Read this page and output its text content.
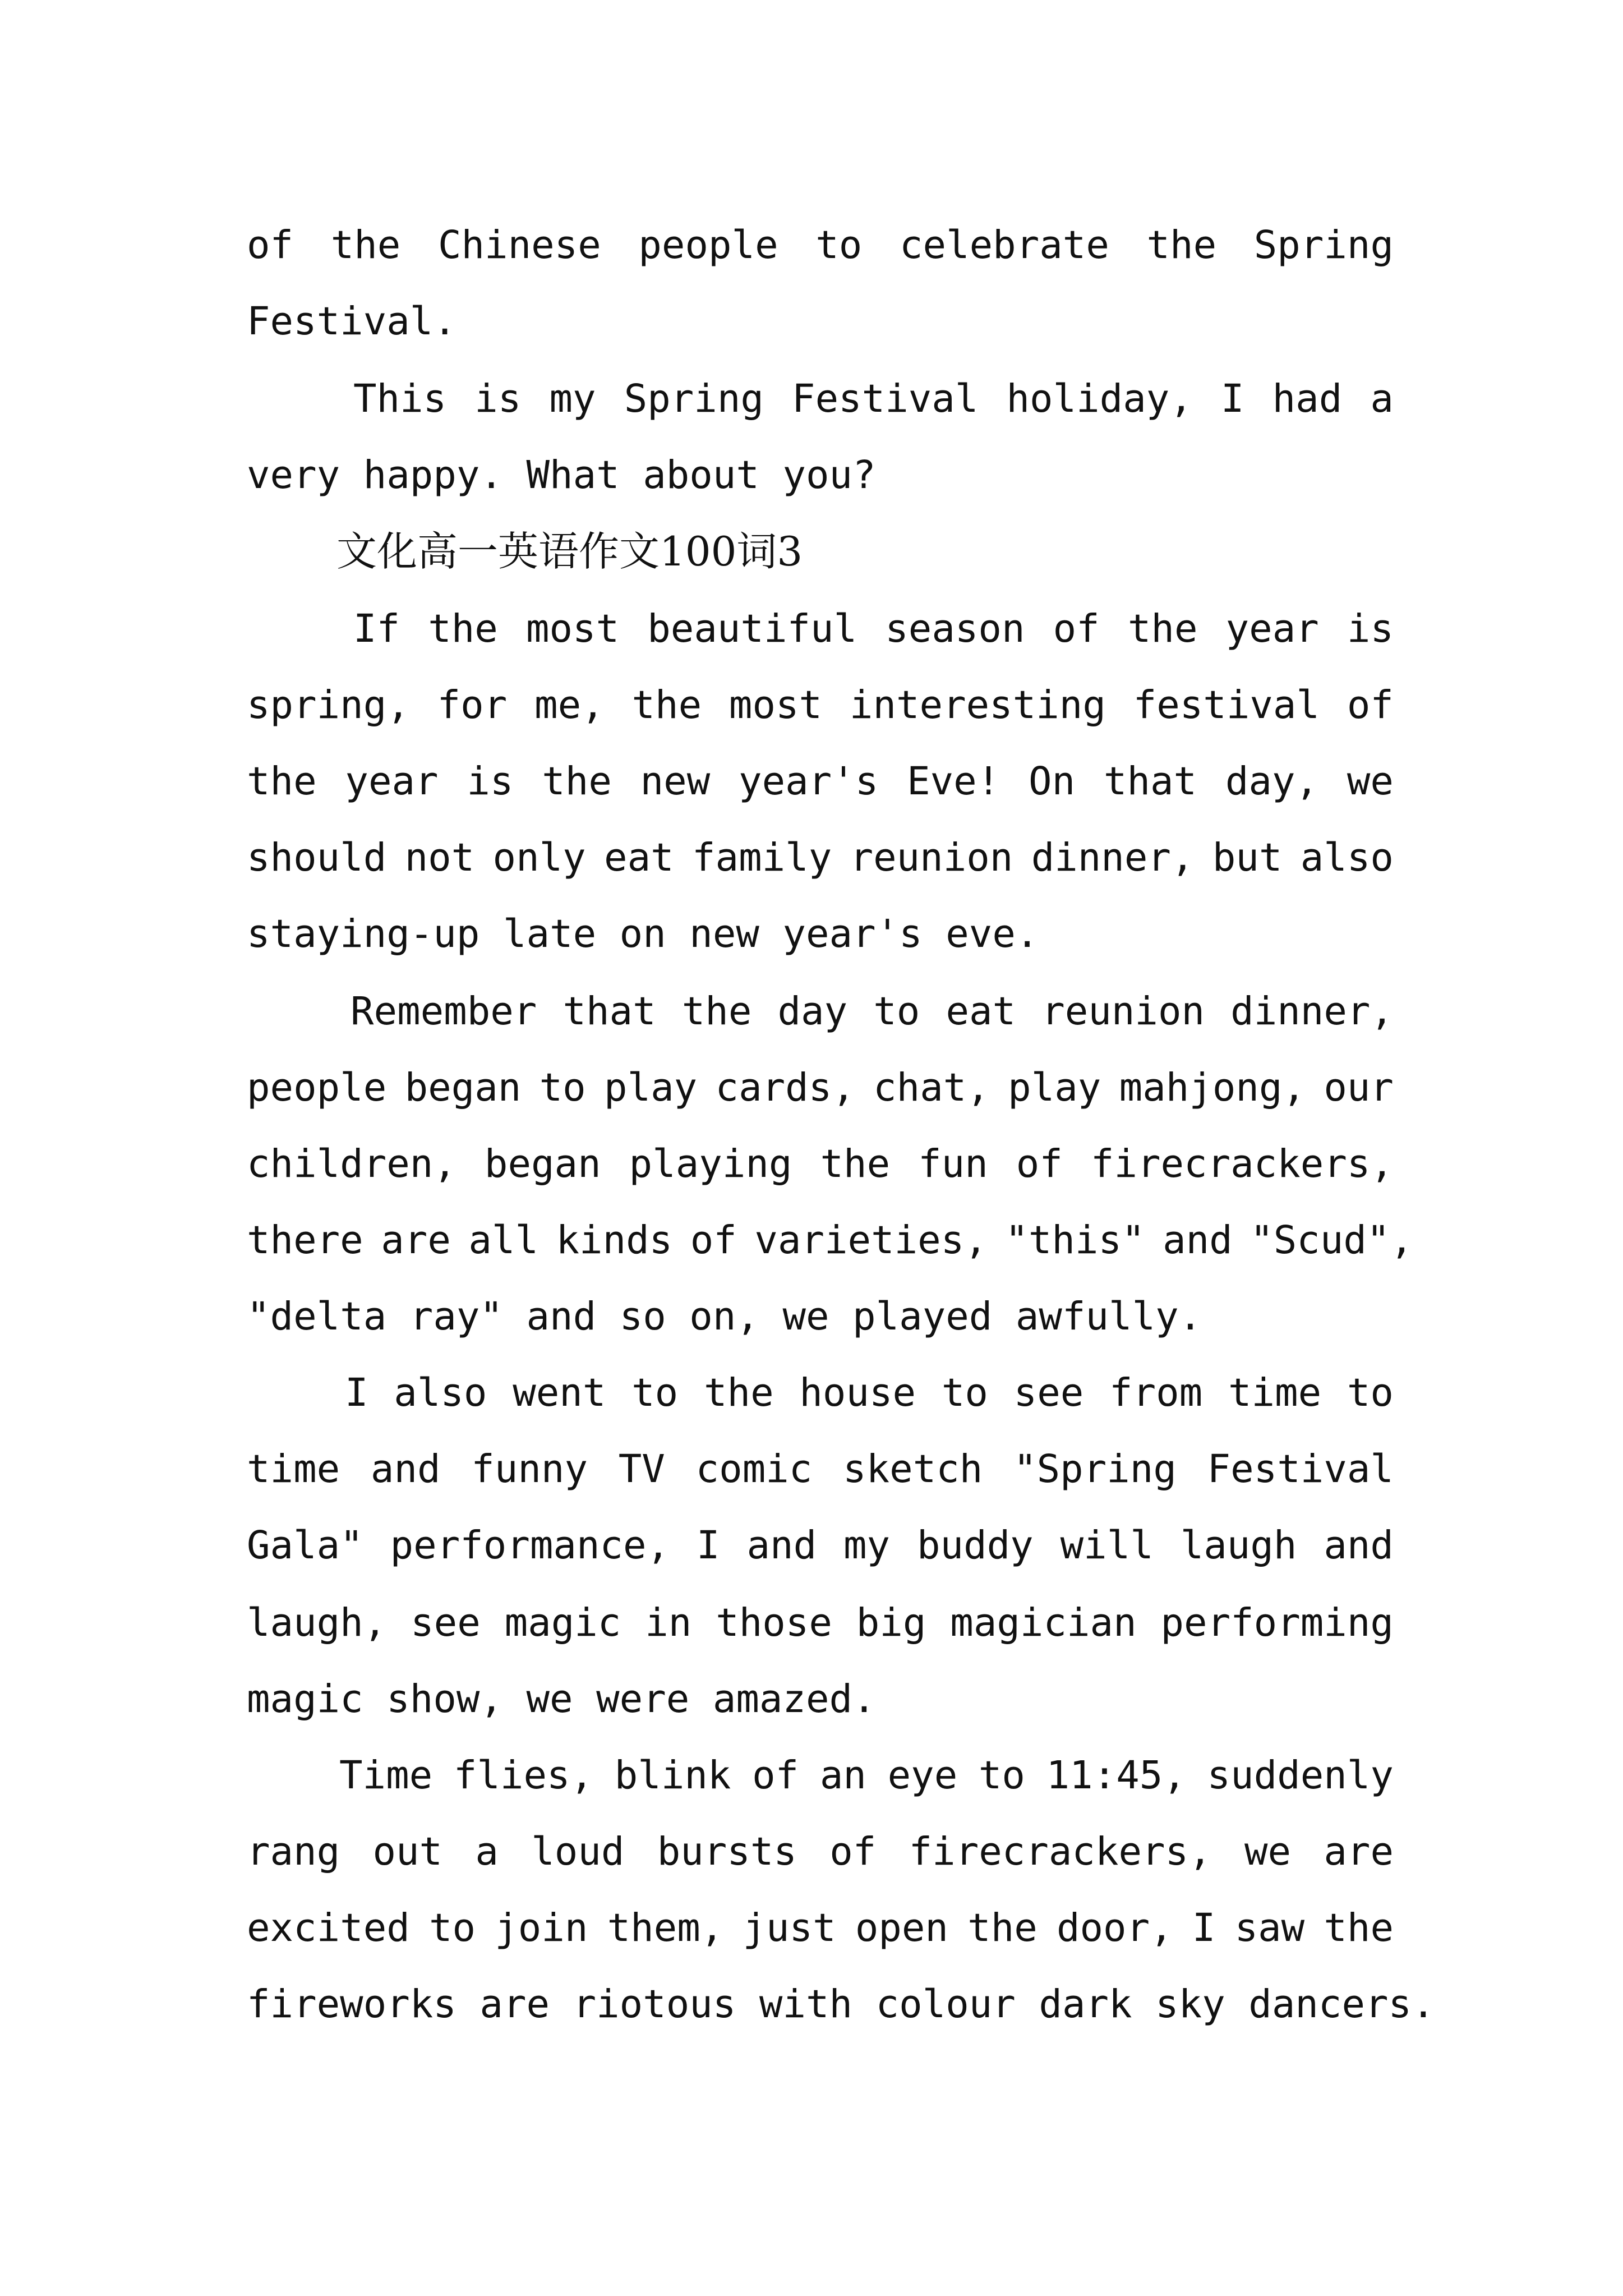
of the Chinese people to celebrate the Spring
Festival.
This is my Spring Festival holiday, I had a
very happy. What about you?
文化高一英语作文100词3
If the most beautiful season of the year is
spring, for me, the most interesting festival of
the year is the new year's Eve! On that day, we
should not only eat family reunion dinner, but also
staying-up late on new year's eve.
Remember that the day to eat reunion dinner,
people began to play cards, chat, play mahjong, our
children, began playing the fun of firecrackers,
there are all kinds of varieties, "this" and "Scud",
"delta ray" and so on, we played awfully.
I also went to the house to see from time to
time and funny TV comic sketch "Spring Festival
Gala" performance, I and my buddy will laugh and
laugh, see magic in those big magician performing
magic show, we were amazed.
Time flies, blink of an eye to 11:45, suddenly
rang out a loud bursts of firecrackers, we are
excited to join them, just open the door, I saw the
fireworks are riotous with colour dark sky dancers.
